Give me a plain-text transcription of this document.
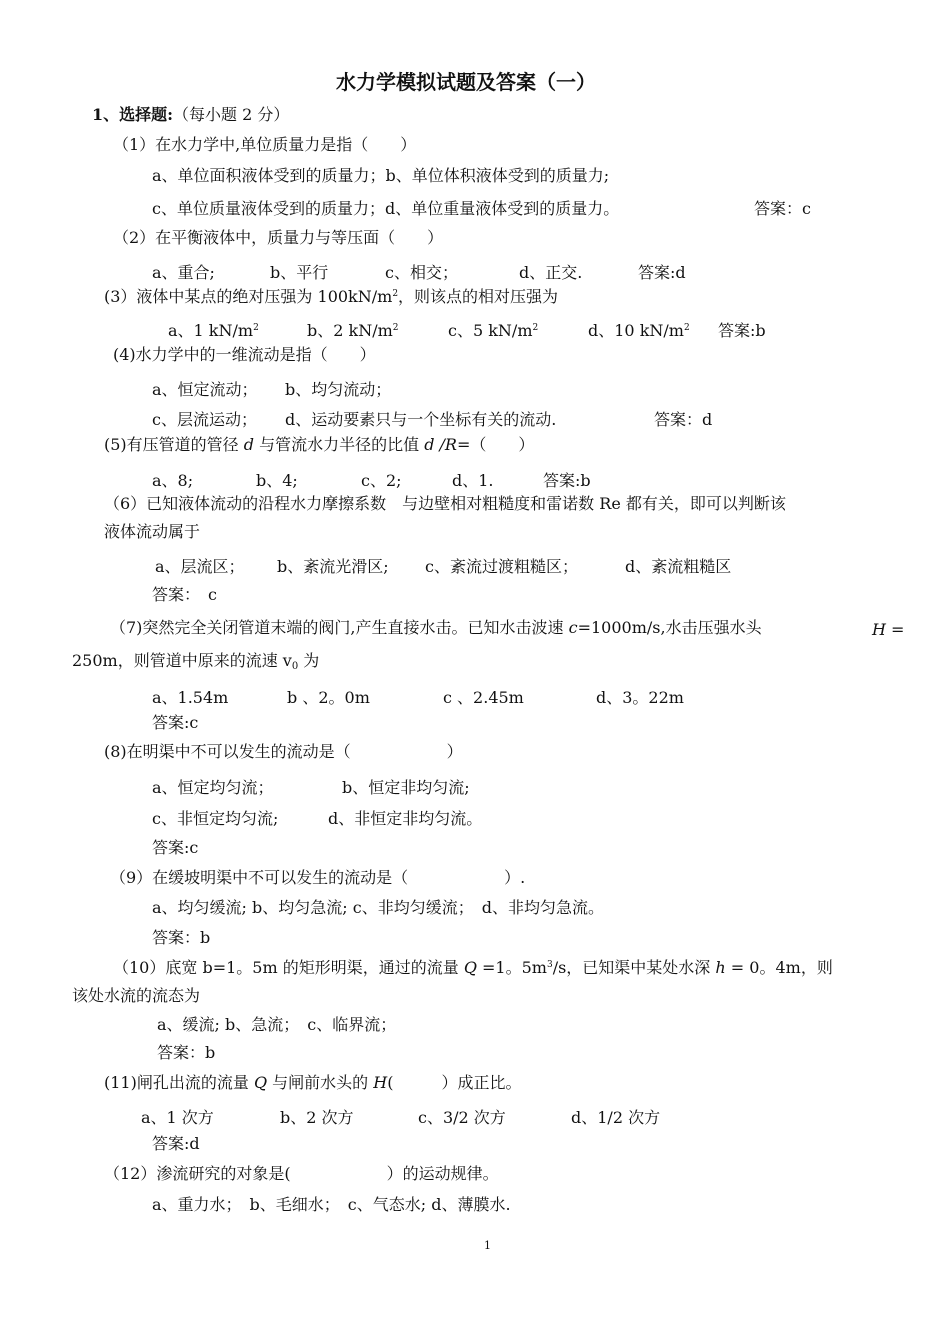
水力学模拟试题及答案（一）
1、选择题:（每小题 2 分）
（1）在水力学中,单位质量力是指（　　）
a、单位面积液体受到的质量力；b、单位体积液体受到的质量力;
c、单位质量液体受到的质量力；d、单位重量液体受到的质量力。	答案：c
（2）在平衡液体中，质量力与等压面（　　）
a、重合;	b、平行	c、相交；	d、正交.	答案:d
(3）液体中某点的绝对压强为 $100kN/m^2$，则该点的相对压强为
a、1 $kN/m^2$	b、2 $kN/m^2$	c、5 $kN/m^2$	d、10 $kN/m^2$ 答案:b
(4)水力学中的一维流动是指（　　）
a、恒定流动； b、均匀流动；
c、层流运动； d、运动要素只与一个坐标有关的流动.	答案：d
(5)有压管道的管径 d 与管流水力半径的比值 d /R=（　　）
a、8;	b、4;	c、2;	d、1.	答案:b
（6）已知液体流动的沿程水力摩擦系数　与边壁相对粗糙度和雷诺数 Re 都有关，即可以判断该
液体流动属于
a、层流区； b、紊流光滑区; c、紊流过渡粗糙区；	d、紊流粗糙区
答案：　c
（7)突然完全关闭管道末端的阀门,产生直接水击。已知水击波速 c=1000m/s,水击压强水头	H =
250m，则管道中原来的流速 $v_0$ 为
a、1.54m	b 、2。0m	c 、2.45m	d、3。22m
答案:c
(8)在明渠中不可以发生的流动是（　　　　　　）
a、恒定均匀流；	b、恒定非均匀流;
c、非恒定均匀流;	d、非恒定非均匀流。
答案:c
（9）在缓坡明渠中不可以发生的流动是（　　　　　　）.
a、均匀缓流; b、均匀急流; c、非均匀缓流；　d、非均匀急流。
答案：b
（10）底宽 b=1。5m 的矩形明渠，通过的流量 Q =1。$5m^3/s$，已知渠中某处水深 h = 0。4m，则
该处水流的流态为
a、缓流; b、急流；　c、临界流；
答案：b
(11)闸孔出流的流量 Q 与闸前水头的 H(　　　）成正比。
a、1 次方	b、2 次方	c、3/2 次方	d、1/2 次方
答案:d
（12）渗流研究的对象是(　　　　　　）的运动规律。
a、重力水；　b、毛细水；　c、气态水; d、薄膜水.
1
